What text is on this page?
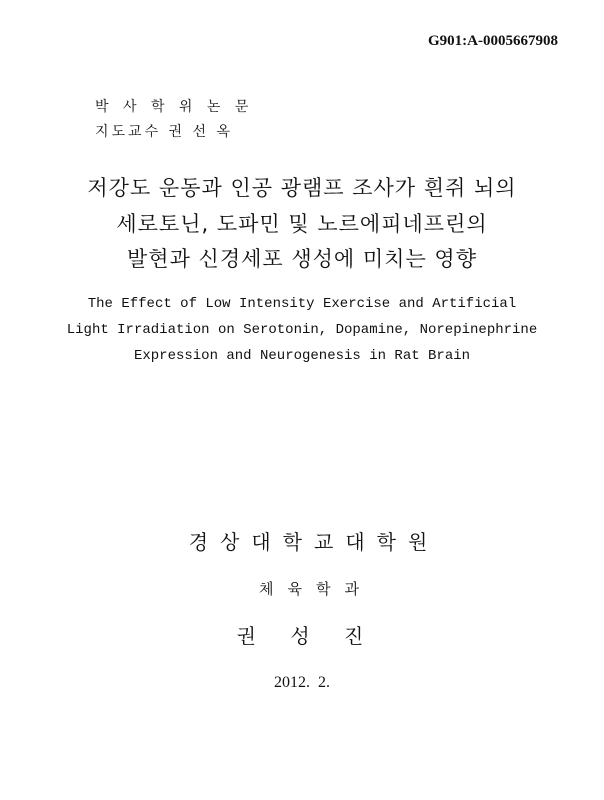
G901:A-0005667908
박 사 학 위 논 문
지도교수 권 선 옥
저강도 운동과 인공 광램프 조사가 흰쥐 뇌의
세로토닌, 도파민 및 노르에피네프린의
발현과 신경세포 생성에 미치는 영향
The Effect of Low Intensity Exercise and Artificial
Light Irradiation on Serotonin, Dopamine, Norepinephrine
Expression and Neurogenesis in Rat Brain
경상대학교대학원
체육학과
권 성 진
2012.  2.
